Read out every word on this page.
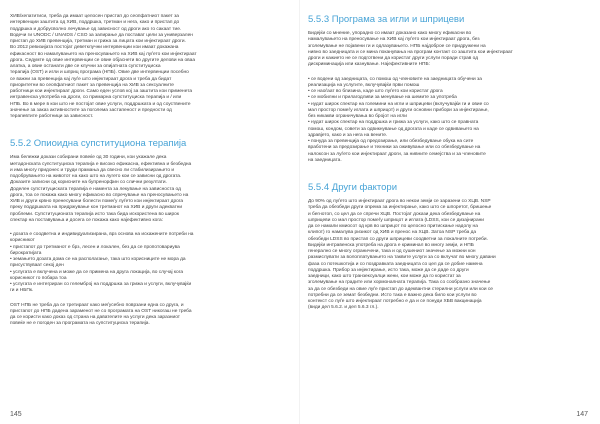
ХИВ/хепатитиси, треба да имаат целосен пристап до сеопфатниот пакет за
интервенции заштита од ХИВ, поддршка, третман и нега, како и пристап до
поддршка и добрусволно лечување од зависност од дроги ако го сакаат тие.
Водечи ги UNODC / UNAIDS / CSO за запирање да постават цели за универзален
пристап до ХИВ превенција, третман и грижа за лицата кои инјектираат дроги.
Во 2012 ревизијата постојат деветклучни интервенции кои имаат докажана
ефикасност во намалувањето на преносувањето на ХИВ кај луѓето кои инјектираат
дрога. Седумте од овие интервенции се овие објаснети во другите делови на оваа
алатка, а овие останати две се клучни за опијатната супституциска
терапија (OST) и игли и шприц програма (НПБ). Овие две интервенции посебно
се важни за превенција кај луѓе што инјектираат дрога и треба да бидат
приоритетни во сеопфатниот пакет за превенција на ХИВ за сексуалните
работници кои инјектираат дроги. Само еден услов кој за заштита кои применетa
интравенска употреба на дроги, со примарна супституциска терапија и / или
НПБ. Во в мере в кои што не постојат овие услуги, поддршката и од соуствените
значење за заказ активностите за поголема застапеност и предности од
терапевтите работници за зависност.

5.5.2 Опиоидна супституциона терапија

Има бележки докази собирани повеќе од 30 години, кои укажале дека
метадонската супституциска терапија е високо ефикасна, ефективна и безбедна
и има многу придонес и труди прамања да свесно ли стабилизирањето и
подобрувањето на животот на како што на лугето кои се зависни од дрогата.
Доказите записни од корисните на бупренорфин со слични резултати.
Доделен супституциската терапија е намента за лекување на зависноста од
дрога, тоа се покажа како многу ефикасно во спречување на преносувањето на
ХИВ и други крвно пренесувани болести помеѓу луѓето кои инјектираат дрога
преку поддршката на придржување кон третманот на ХИВ и други адекватни
проблеми. Супституционата терапија исто така бида искористена во широк
спектар на поставувања и досега се покажа како најефективно кога:

• дозата е соодветна и индивидуализирана, врз основа на искажените потреби на
корисникот
• пристапот до третманот е брз, лесен и локален, без да се пропотовариува
бирократијата
• земањето дозата дома се на располагање, така што корисниците не мора да
присуствуваат секој ден
• услугата е вклучена и може да се примена на друга локација, во случај кога
корисникот го побара тоа
• услугата е интегриран со гелемброј на поддршка за грижа и услуги, вклучувајќи
ги и НБПк.

OST НПБ не треба да се третираат како меѓусебно поврзани една со друга, и
пристапот до НПБ дадена зараменот не со програмата на OST никогаш не треба
да се користи како доказ од страна на давателите на услуги дека заразниот
повеќе не е погоден за програмата на супституциска терапија.

145
5.5.3 Програма за игли и шприцеви

Бидејќи со мнение, упорадно со имаат доказано како многу ефикасни во
намалувањето на преносување на ХИВ кај луѓето кои инјектираат дрога, без
зголемување не појавени ги и одлазувањето. НПБ најдоброе се придружени на
нивно во заедницата и се мина поканувања на програм контакт со заштита кои инјектираат
дроги и кажието не се подготвени да користат други услуги поради страв од
дискриминација или казнување. Најефективните НПБ:

• се водени од заедницата, со помош од членовите на заедницата обучени за
реализација на услугите, вклучувајќи први помош
• се наоѓаат во близина, каде што луѓето кои користат дрога
• се мобилни и прилагодливи за менување на шемите за употреба
• нудат широк спектар на големини на игли и шприцеви (вклучувајќи ги и овие со
мал простор помеѓу иглата и шприцот) и други основни прибори за инјектирање,
без никакви ограничувања во бројот на игли
• нудат широк спектар на поддршка и грижа за услуги, како што се правната
помош, кондом, совети за одвикнување од дрогата и каде се одвивањето на
здравјето, како и за нега на вените.
• понуда за превенција од предозирање, или обезбедување обука на сите
врабoтени за предозирање и техники за оживување или со обезбедување на
налоксон за луѓето кои инјектираат дроги, за нивните семејства и за членовите
на заедницата.
5.5.4 Други фактори

До 90% од луѓето што инјектираат дрога во некои земји се заразени со ХЦВ. NSP
треба да обезбеди други опрема за инјектирање, како што се шпоретот, бришење
и бегнотоп, со цел да се спречи ХЦВ. Постојат докази дека обезбедување на
шприцеви со мал простор помеѓу шприцот и иглата (LDSS, кои се дизајнирани
да се намали кмиосот од крв во шприцот по целосно притискање надолу на
клипот) го намалува ризикот од ХИВ и пренос на ХЦВ. Затоа NSP треба да
обезбеди LDSS во пристап со други шприцеви соодветни за локалните потреби.
Бидејќи интравенска употреба на дрога е криминал во многу земји, и НПБ
генерално се многу ограничени, така и од сушениот значење за можни кон
размислувати за волоплатувањето на таквите услуги за со вклучат во многу давани
фаза со потешкотија и со поздравката заедницата со цел да се добие намена
поддршка. Прибор за инјектирање, исто така, може да се даде со други
заедници, како што транзексуалци жени, кои може да го користат за
зголемување на градите или хормоналната терапија. Така со сообразно значење
за да се обезбеди на овие луѓе пристап до адеквантни стерилни услуги или кои се
потребни да се земат безбедни. Исто така е важно дека било кои услуги во
контекст со луѓе што инјектираат потребно е да и се понуди ХБВ вакцинација
(види дел 5.6.2. и дел 5.6.3 гл.).

147
